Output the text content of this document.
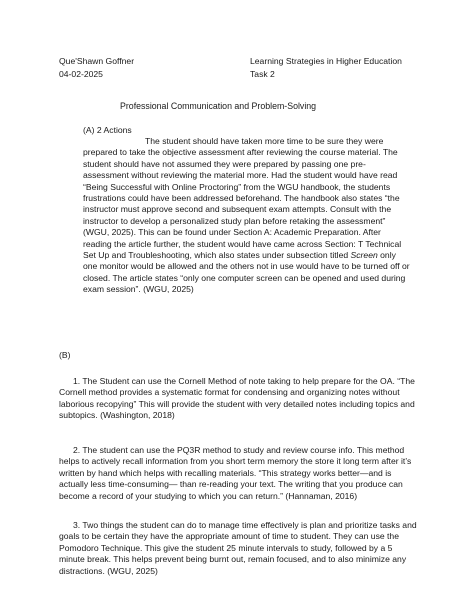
Que'Shawn Goffner
04-02-2025
Learning Strategies in Higher Education
Task 2
Professional Communication and Problem-Solving
(A) 2 Actions
The student should have taken more time to be sure they were prepared to take the objective assessment after reviewing the course material. The student should have not assumed they were prepared by passing one pre-assessment without reviewing the material more. Had the student would have read “Being Successful with Online Proctoring” from the WGU handbook, the students frustrations could have been addressed beforehand. The handbook also states “the instructor must approve second and subsequent exam attempts. Consult with the instructor to develop a personalized study plan before retaking the assessment” (WGU, 2025). This can be found under Section A: Academic Preparation. After reading the article further, the student would have came across Section: T Technical Set Up and Troubleshooting, which also states under subsection titled Screen only one monitor would be allowed and the others not in use would have to be turned off or closed. The article states “only one computer screen can be opened and used during exam session”. (WGU, 2025)
(B)
1. The Student can use the Cornell Method of note taking to help prepare for the OA. “The Cornell method provides a systematic format for condensing and organizing notes without laborious recopying” This will provide the student with very detailed notes including topics and subtopics. (Washington, 2018)
2. The student can use the PQ3R method to study and review course info. This method helps to actively recall information from you short term memory the store it long term after it’s written by hand which helps with recalling materials. “This strategy works better—and is actually less time-consuming— than re-reading your text. The writing that you produce can become a record of your studying to which you can return.” (Hannaman, 2016)
3. Two things the student can do to manage time effectively is plan and prioritize tasks and goals to be certain they have the appropriate amount of time to student. They can use the Pomodoro Technique. This give the student 25 minute intervals to study, followed by a 5 minute break. This helps prevent being burnt out, remain focused, and to also minimize any distractions. (WGU, 2025)
